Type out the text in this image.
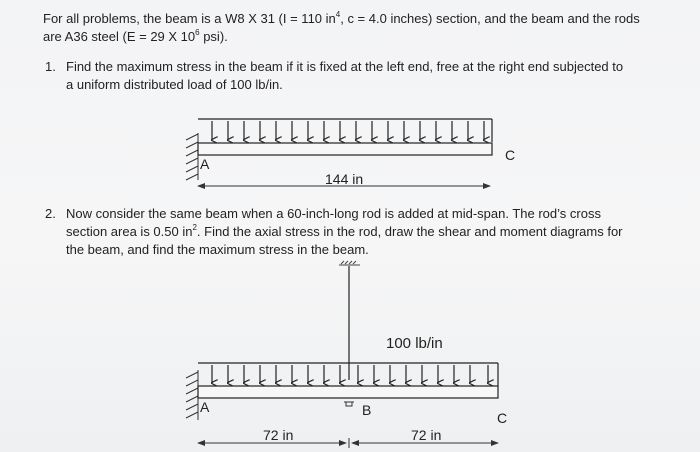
For all problems, the beam is a W8 X 31 (I = 110 $in^4$, c = 4.0 inches) section, and the beam and the rods
are A36 steel (E = 29 X $10^6$ psi).
1. Find the maximum stress in the beam if it is fixed at the left end, free at the right end subjected to
a uniform distributed load of 100 lb/in.
2. Now consider the same beam when a 60-inch-long rod is added at mid-span. The rod’s cross
section area is 0.50 $in^2$. Find the axial stress in the rod, draw the shear and moment diagrams for
the beam, and find the maximum stress in the beam.
A
C
144 in
100 lb/in
A	B	C
72 in	72 in
